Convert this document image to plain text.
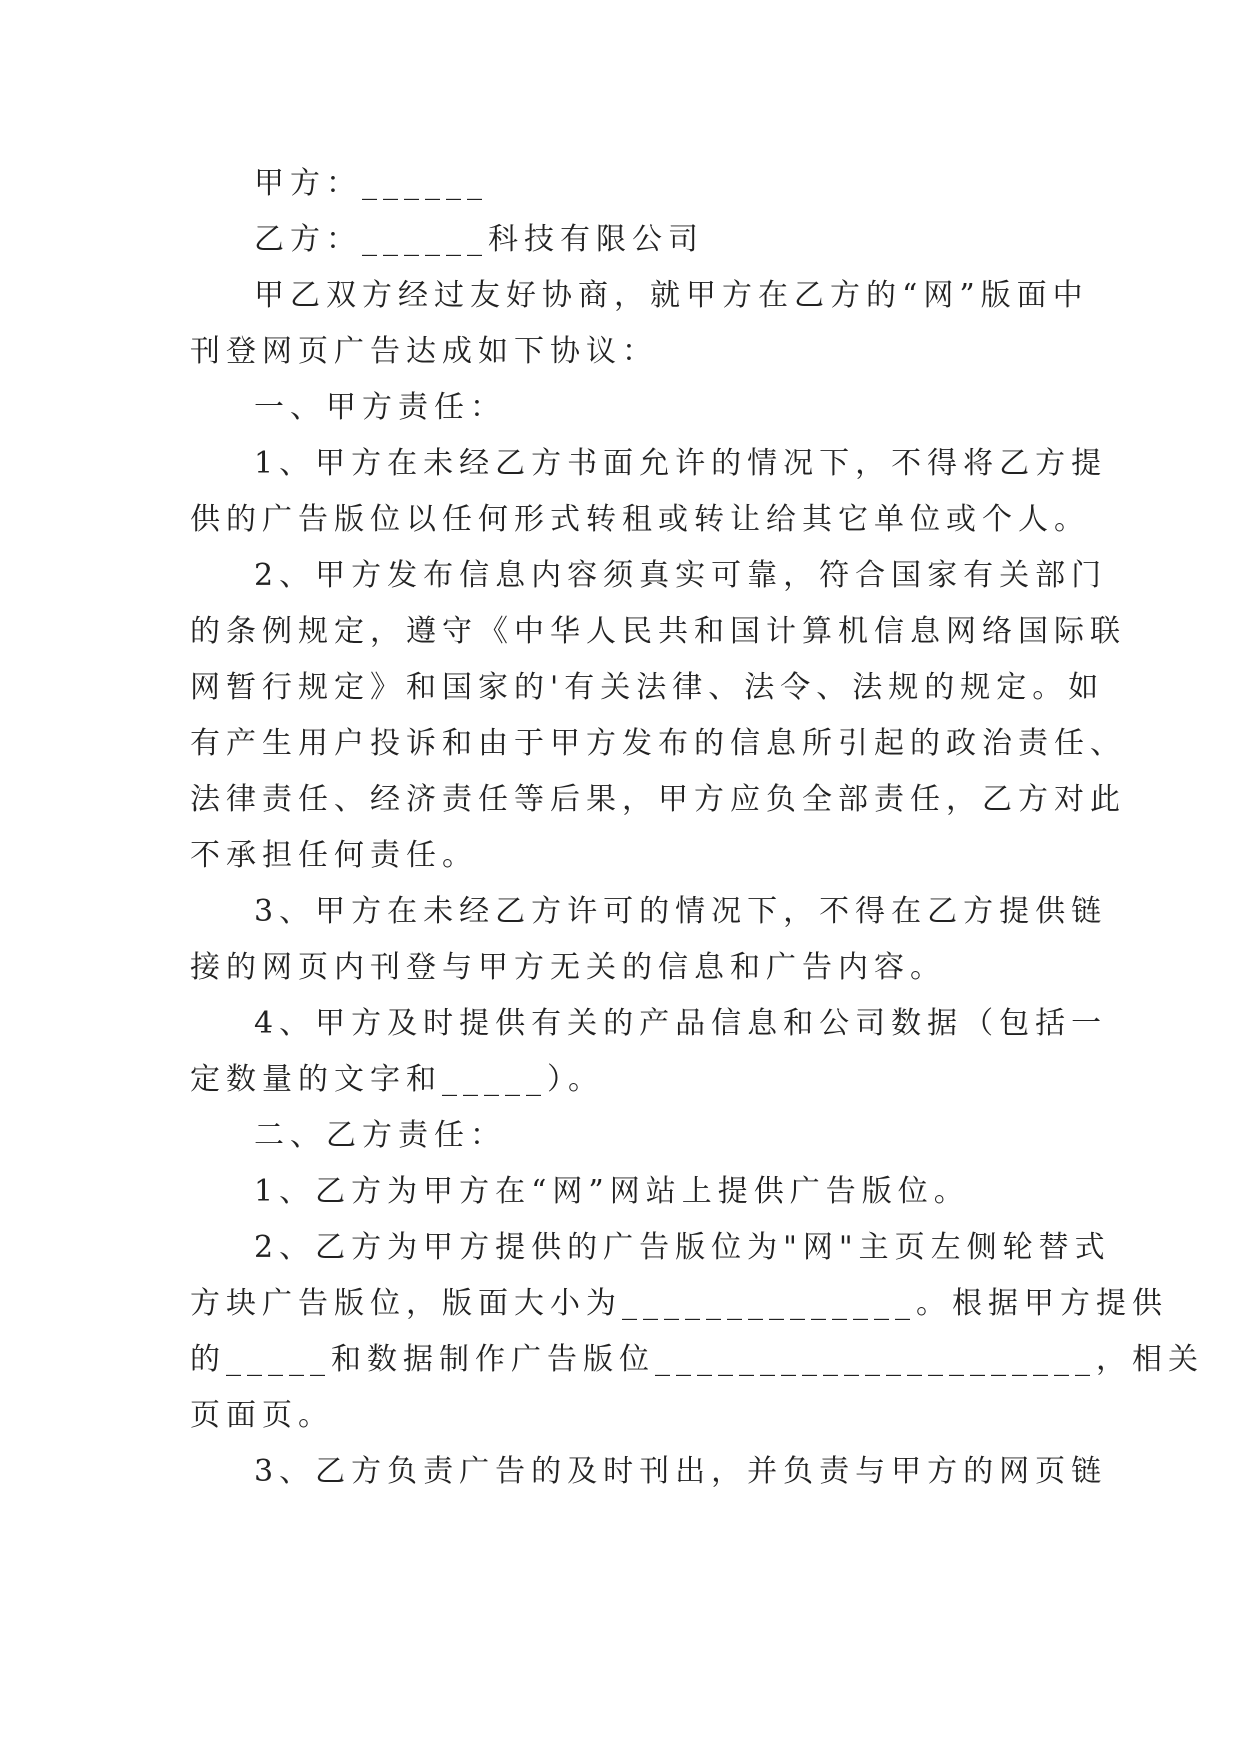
甲方：______
乙方：______科技有限公司
甲乙双方经过友好协商，就甲方在乙方的“网”版面中
刊登网页广告达成如下协议：
一、甲方责任：
1、甲方在未经乙方书面允许的情况下，不得将乙方提
供的广告版位以任何形式转租或转让给其它单位或个人。
2、甲方发布信息内容须真实可靠，符合国家有关部门
的条例规定，遵守《中华人民共和国计算机信息网络国际联
网暂行规定》和国家的'有关法律、法令、法规的规定。如
有产生用户投诉和由于甲方发布的信息所引起的政治责任、
法律责任、经济责任等后果，甲方应负全部责任，乙方对此
不承担任何责任。
3、甲方在未经乙方许可的情况下，不得在乙方提供链
接的网页内刊登与甲方无关的信息和广告内容。
4、甲方及时提供有关的产品信息和公司数据（包括一
定数量的文字和_____）。
二、乙方责任：
1、乙方为甲方在“网”网站上提供广告版位。
2、乙方为甲方提供的广告版位为"网"主页左侧轮替式
方块广告版位，版面大小为______________。根据甲方提供
的_____和数据制作广告版位_____________________，相关
页面页。
3、乙方负责广告的及时刊出，并负责与甲方的网页链
